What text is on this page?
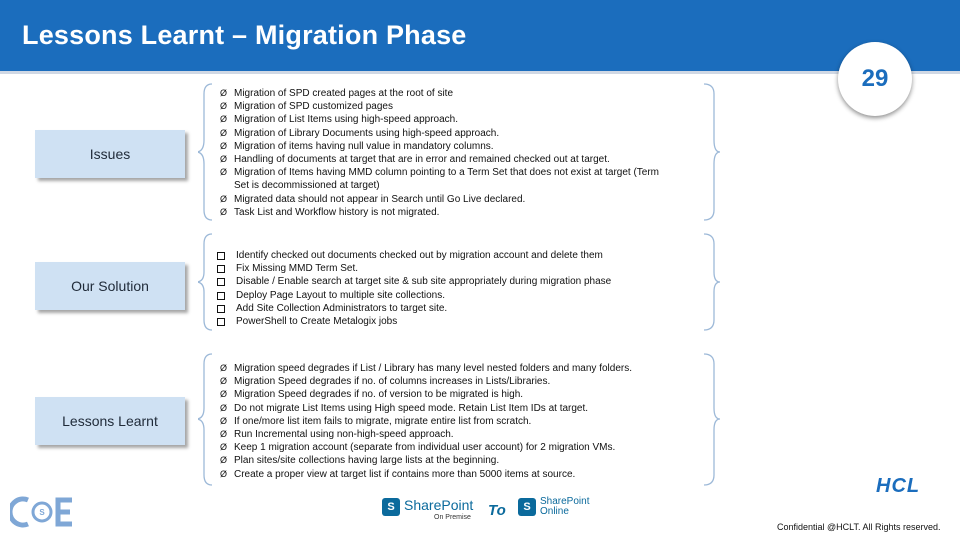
Lessons Learnt – Migration Phase
29
Issues
Our Solution
Lessons Learnt
Ø Migration of SPD created pages at the root of site
Ø Migration of SPD customized pages
Ø Migration of List Items using high-speed approach.
Ø Migration of Library Documents using high-speed approach.
Ø Migration of items having null value in mandatory columns.
Ø Handling of documents at target that are in error and remained checked out at target.
Ø Migration of Items having MMD column pointing to a Term Set that does not exist at target (Term Set is decommissioned at target)
Ø Migrated data should not appear in Search until Go Live declared.
Ø Task List and Workflow history is not migrated.
Identify checked out documents checked out by migration account and delete them
Fix Missing MMD Term Set.
Disable / Enable search at target site & sub site appropriately during migration phase
Deploy Page Layout to multiple site collections.
Add Site Collection Administrators to target site.
PowerShell to Create Metalogix jobs
Ø Migration speed degrades if List / Library has many level nested folders and many folders.
Ø Migration Speed degrades if no. of columns increases in Lists/Libraries.
Ø Migration Speed degrades if no. of version to be migrated is high.
Ø Do not migrate List Items using High speed mode. Retain List Item IDs at target.
Ø If one/more list item fails to migrate, migrate entire list from scratch.
Ø Run Incremental using non-high-speed approach.
Ø Keep 1 migration account (separate from individual user account) for 2 migration VMs.
Ø Plan sites/site collections having large lists at the beginning.
Ø Create a proper view at target list if contains more than 5000 items at source.
S	S SharePoint
On Premise To	S SharePoint
Online
HCL
Confidential @HCLT. All Rights reserved.
